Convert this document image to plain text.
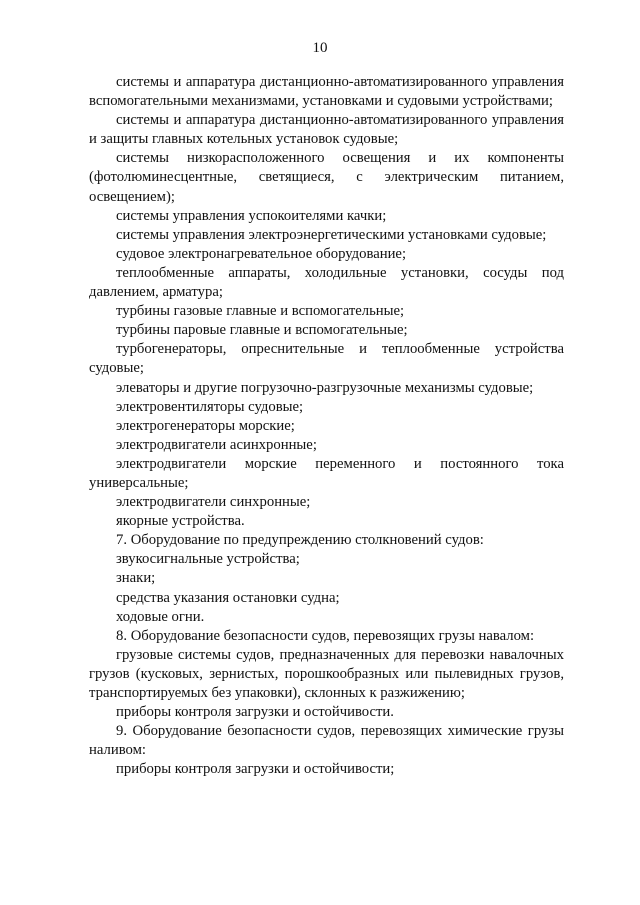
10

системы и аппаратура дистанционно-автоматизированного управления вспомогательными механизмами, установками и судовыми устройствами;

системы и аппаратура дистанционно-автоматизированного управления и защиты главных котельных установок судовые;

системы низкорасположенного освещения и их компоненты (фотолюминесцентные, светящиеся, с электрическим питанием, освещением);

системы управления успокоителями качки;

системы управления электроэнергетическими установками судовые;

судовое электронагревательное оборудование;

теплообменные аппараты, холодильные установки, сосуды под давлением, арматура;

турбины газовые главные и вспомогательные;

турбины паровые главные и вспомогательные;

турбогенераторы, опреснительные и теплообменные устройства судовые;

элеваторы и другие погрузочно-разгрузочные механизмы судовые;

электровентиляторы судовые;

электрогенераторы морские;

электродвигатели асинхронные;

электродвигатели морские переменного и постоянного тока универсальные;

электродвигатели синхронные;

якорные устройства.

7. Оборудование по предупреждению столкновений судов:

звукосигнальные устройства;

знаки;

средства указания остановки судна;

ходовые огни.

8. Оборудование безопасности судов, перевозящих грузы навалом:

грузовые системы судов, предназначенных для перевозки навалочных грузов (кусковых, зернистых, порошкообразных или пылевидных грузов, транспортируемых без упаковки), склонных к разжижению;

приборы контроля загрузки и остойчивости.

9. Оборудование безопасности судов, перевозящих химические грузы наливом:

приборы контроля загрузки и остойчивости;
